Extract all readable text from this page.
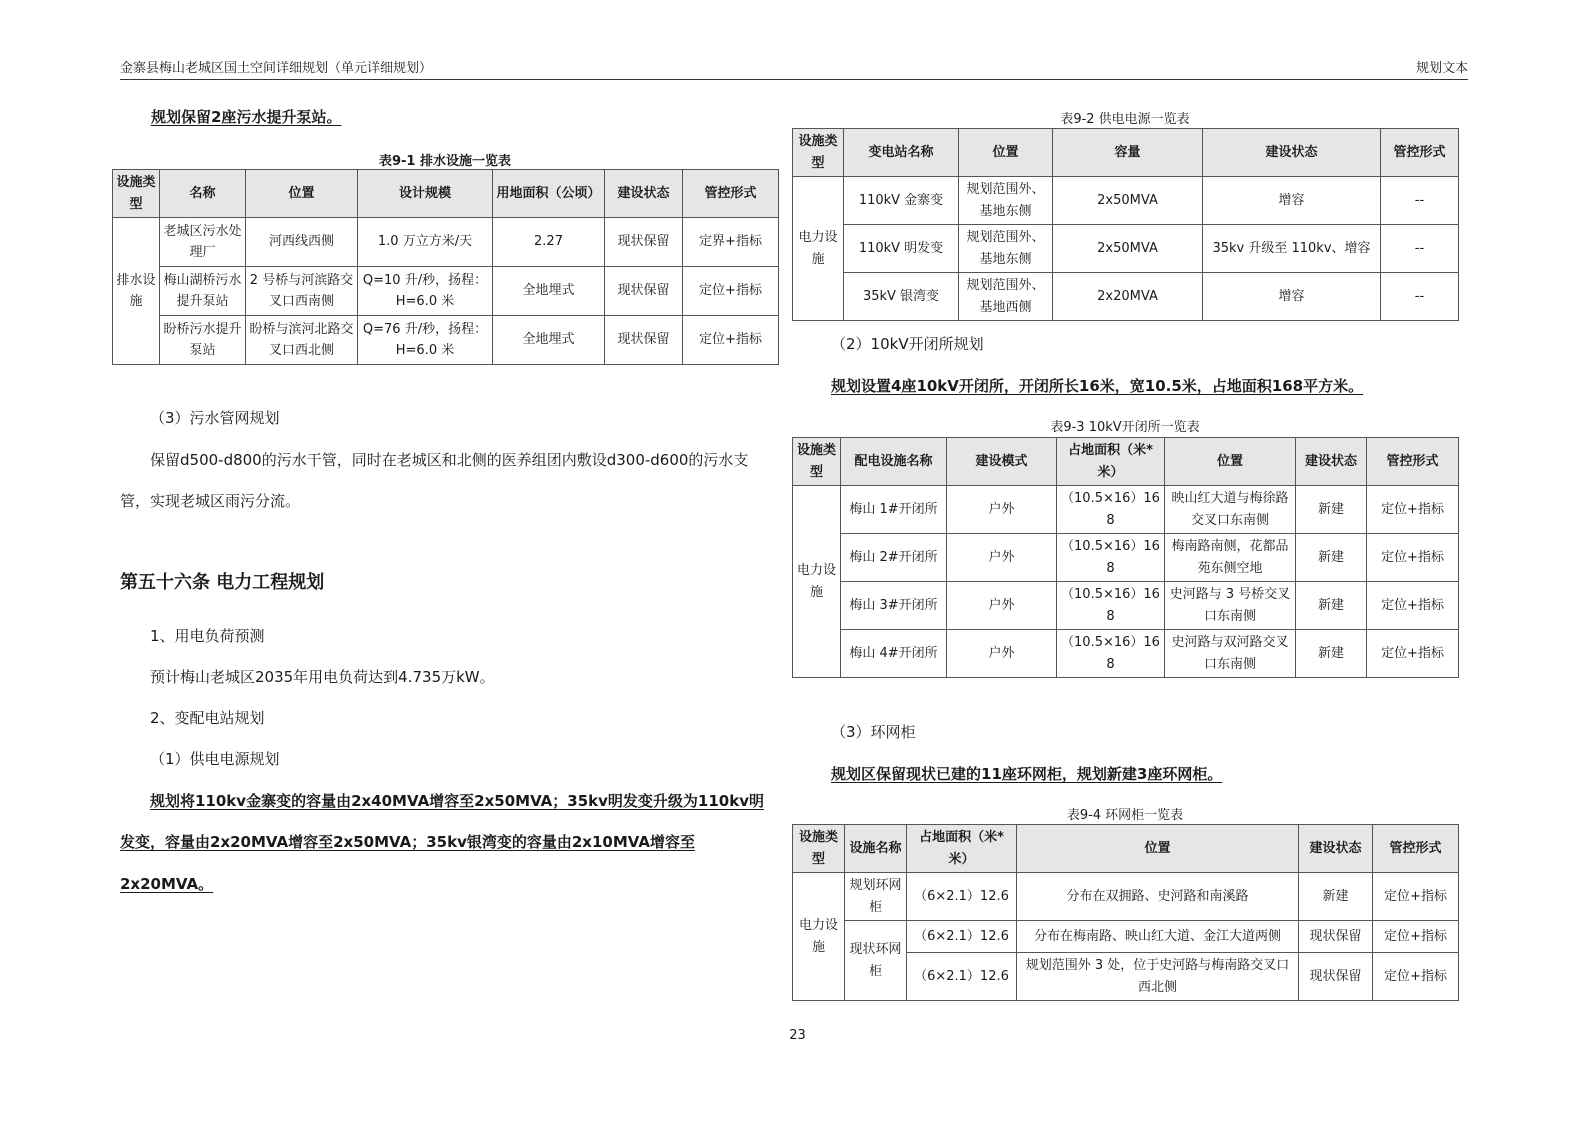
金寨县梅山老城区国土空间详细规划（单元详细规划）	规划文本
规划保留2座污水提升泵站。
表9-1 排水设施一览表
设施类型	名称	位置	设计规模	用地面积（公顷）	建设状态	管控形式
排水设施	老城区污水处理厂	河西线西侧	1.0 万立方米/天	2.27	现状保留	定界+指标
	梅山湖桥污水提升泵站	2 号桥与河滨路交叉口西南侧	Q=10 升/秒，扬程：H=6.0 米	全地埋式	现状保留	定位+指标
	盼桥污水提升泵站	盼桥与滨河北路交叉口西北侧	Q=76 升/秒，扬程：H=6.0 米	全地埋式	现状保留	定位+指标
（3）污水管网规划
保留d500-d800的污水干管，同时在老城区和北侧的医养组团内敷设d300-d600的污水支
管，实现老城区雨污分流。
第五十六条 电力工程规划
1、用电负荷预测
预计梅山老城区2035年用电负荷达到4.735万kW。
2、变配电站规划
（1）供电电源规划
规划将110kv金寨变的容量由2x40MVA增容至2x50MVA；35kv明发变升级为110kv明
发变，容量由2x20MVA增容至2x50MVA；35kv银湾变的容量由2x10MVA增容至
2x20MVA。
表9-2 供电电源一览表
设施类型	变电站名称	位置	容量	建设状态	管控形式
电力设施	110kV 金寨变	规划范围外、基地东侧	2x50MVA	增容	--
	110kV 明发变	规划范围外、基地东侧	2x50MVA	35kv 升级至 110kv、增容	--
	35kV 银湾变	规划范围外、基地西侧	2x20MVA	增容	--
（2）10kV开闭所规划
规划设置4座10kV开闭所，开闭所长16米，宽10.5米，占地面积168平方米。
表9-3 10kV开闭所一览表
设施类型	配电设施名称	建设模式	占地面积（米*米）	位置	建设状态	管控形式
电力设施	梅山 1#开闭所	户外	（10.5×16）168	映山红大道与梅徐路交叉口东南侧	新建	定位+指标
	梅山 2#开闭所	户外	（10.5×16）168	梅南路南侧，花都品苑东侧空地	新建	定位+指标
	梅山 3#开闭所	户外	（10.5×16）168	史河路与 3 号桥交叉口东南侧	新建	定位+指标
	梅山 4#开闭所	户外	（10.5×16）168	史河路与双河路交叉口东南侧	新建	定位+指标
（3）环网柜
规划区保留现状已建的11座环网柜，规划新建3座环网柜。
表9-4 环网柜一览表
设施类型	设施名称	占地面积（米*米）	位置	建设状态	管控形式
电力设施	规划环网柜	（6×2.1）12.6	分布在双拥路、史河路和南溪路	新建	定位+指标
	现状环网柜	（6×2.1）12.6	分布在梅南路、映山红大道、金江大道两侧	现状保留	定位+指标
		（6×2.1）12.6	规划范围外 3 处，位于史河路与梅南路交叉口西北侧	现状保留	定位+指标
23
